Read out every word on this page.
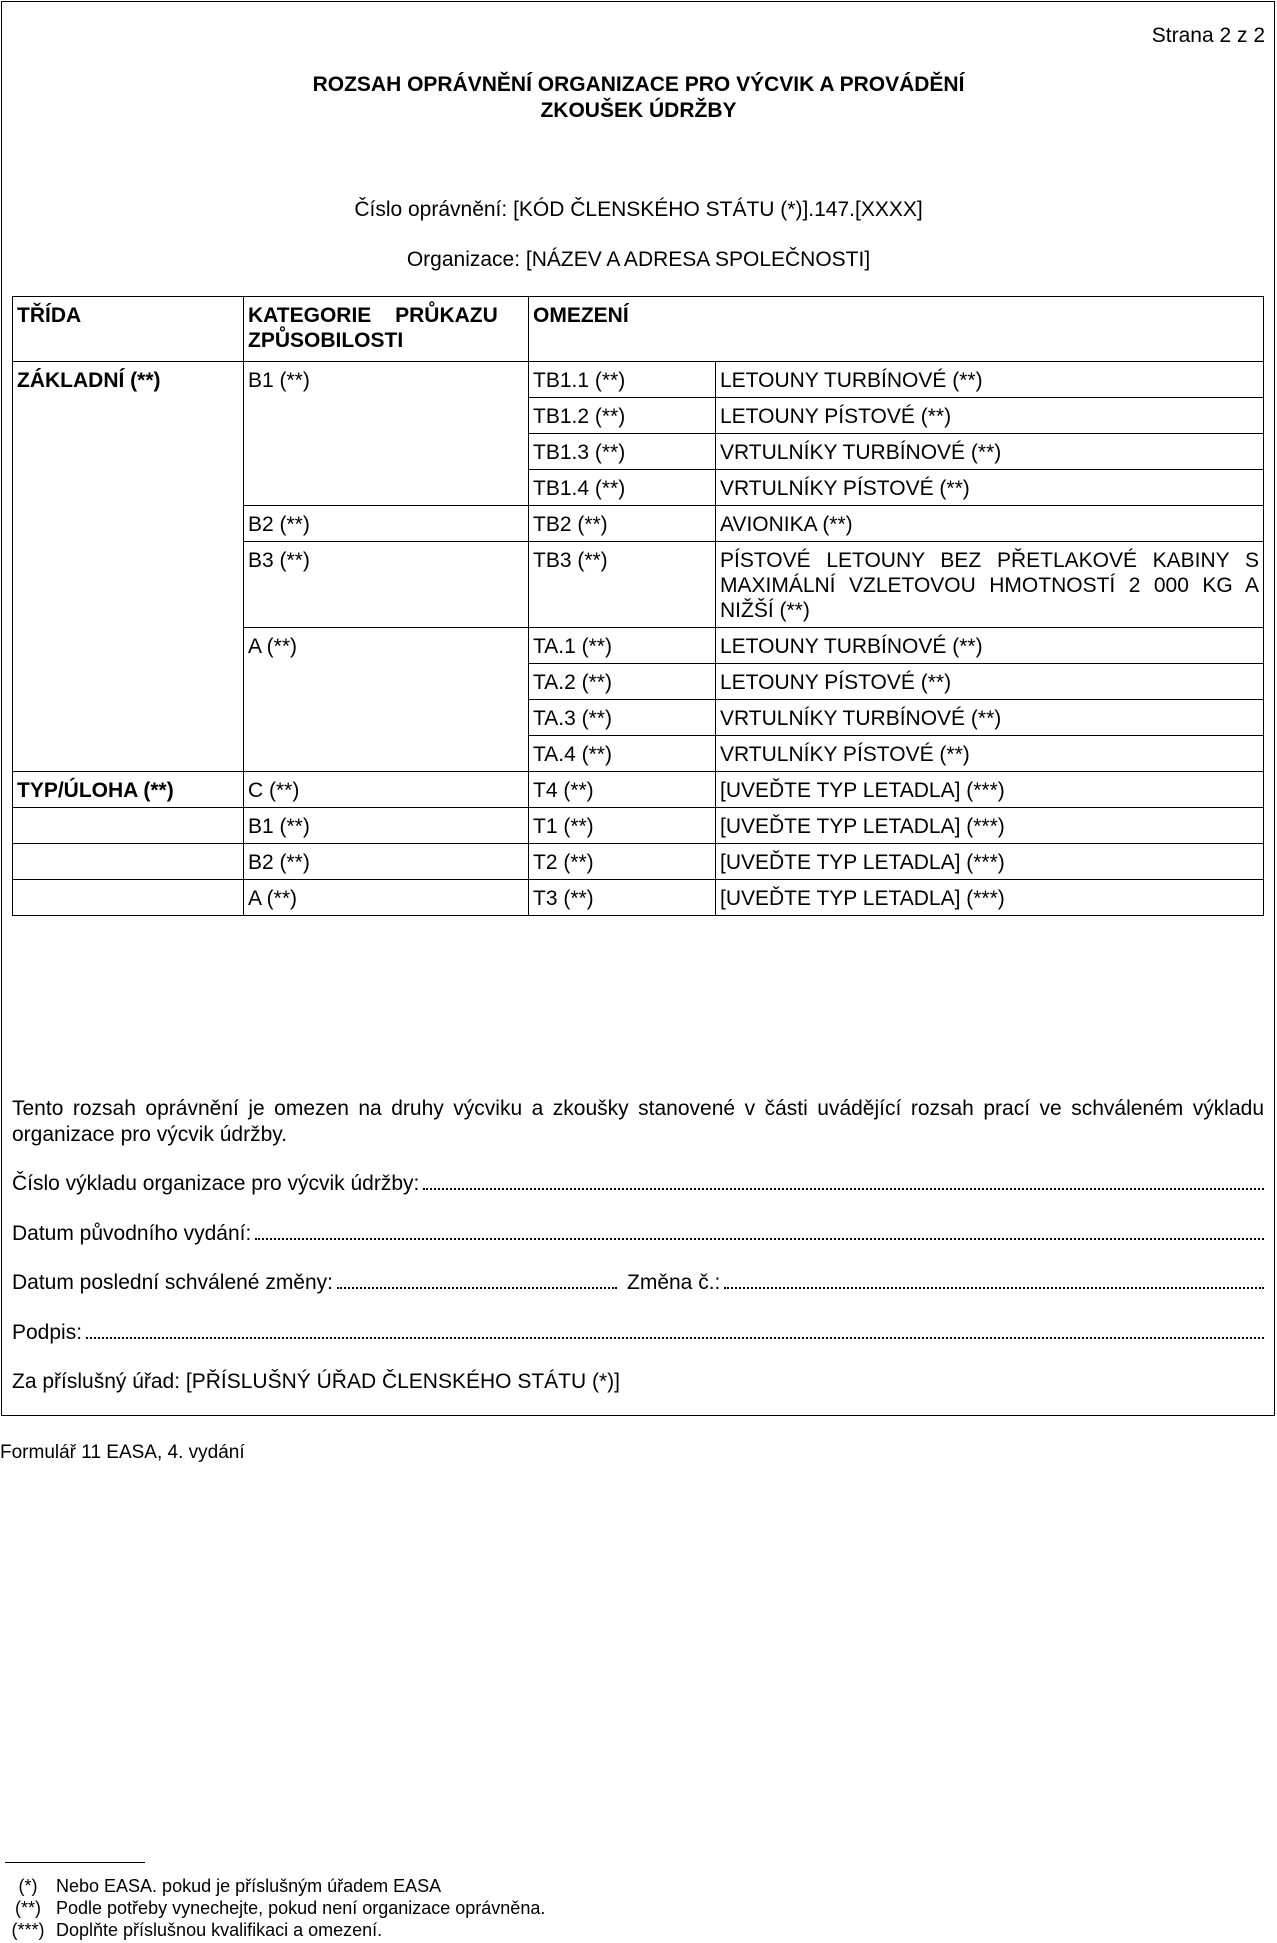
Strana 2 z 2
ROZSAH OPRÁVNĚNÍ ORGANIZACE PRO VÝCVIK A PROVÁDĚNÍ
ZKOUŠEK ÚDRŽBY
Číslo oprávnění: [KÓD ČLENSKÉHO STÁTU (*)].147.[XXXX]
Organizace: [NÁZEV A ADRESA SPOLEČNOSTI]
TŘÍDA	KATEGORIE PRŮKAZU ZPŮSOBILOSTI	OMEZENÍ	
ZÁKLADNÍ (**)	B1 (**)	TB1.1 (**)	LETOUNY TURBÍNOVÉ (**)
		TB1.2 (**)	LETOUNY PÍSTOVÉ (**)
		TB1.3 (**)	VRTULNÍKY TURBÍNOVÉ (**)
		TB1.4 (**)	VRTULNÍKY PÍSTOVÉ (**)
	B2 (**)	TB2 (**)	AVIONIKA (**)
	B3 (**)	TB3 (**)	PÍSTOVÉ LETOUNY BEZ PŘETLAKOVÉ KABINY S MAXIMÁLNÍ VZLETOVOU HMOTNOSTÍ 2 000 KG A NIŽŠÍ (**)
	A (**)	TA.1 (**)	LETOUNY TURBÍNOVÉ (**)
		TA.2 (**)	LETOUNY PÍSTOVÉ (**)
		TA.3 (**)	VRTULNÍKY TURBÍNOVÉ (**)
		TA.4 (**)	VRTULNÍKY PÍSTOVÉ (**)
TYP/ÚLOHA (**)	C (**)	T4 (**)	[UVEĎTE TYP LETADLA] (***)
	B1 (**)	T1 (**)	[UVEĎTE TYP LETADLA] (***)
	B2 (**)	T2 (**)	[UVEĎTE TYP LETADLA] (***)
	A (**)	T3 (**)	[UVEĎTE TYP LETADLA] (***)
Tento rozsah oprávnění je omezen na druhy výcviku a zkoušky stanovené v části uvádějící rozsah prací ve schváleném výkladu organizace pro výcvik údržby.
Číslo výkladu organizace pro výcvik údržby:
Datum původního vydání:
Datum poslední schválené změny:	Změna č.:
Podpis:
Za příslušný úřad: [PŘÍSLUŠNÝ ÚŘAD ČLENSKÉHO STÁTU (*)]
Formulář 11 EASA, 4. vydání
(*)	Nebo EASA. pokud je příslušným úřadem EASA
(**) Podle potřeby vynechejte, pokud není organizace oprávněna.
(***) Doplňte příslušnou kvalifikaci a omezení.
